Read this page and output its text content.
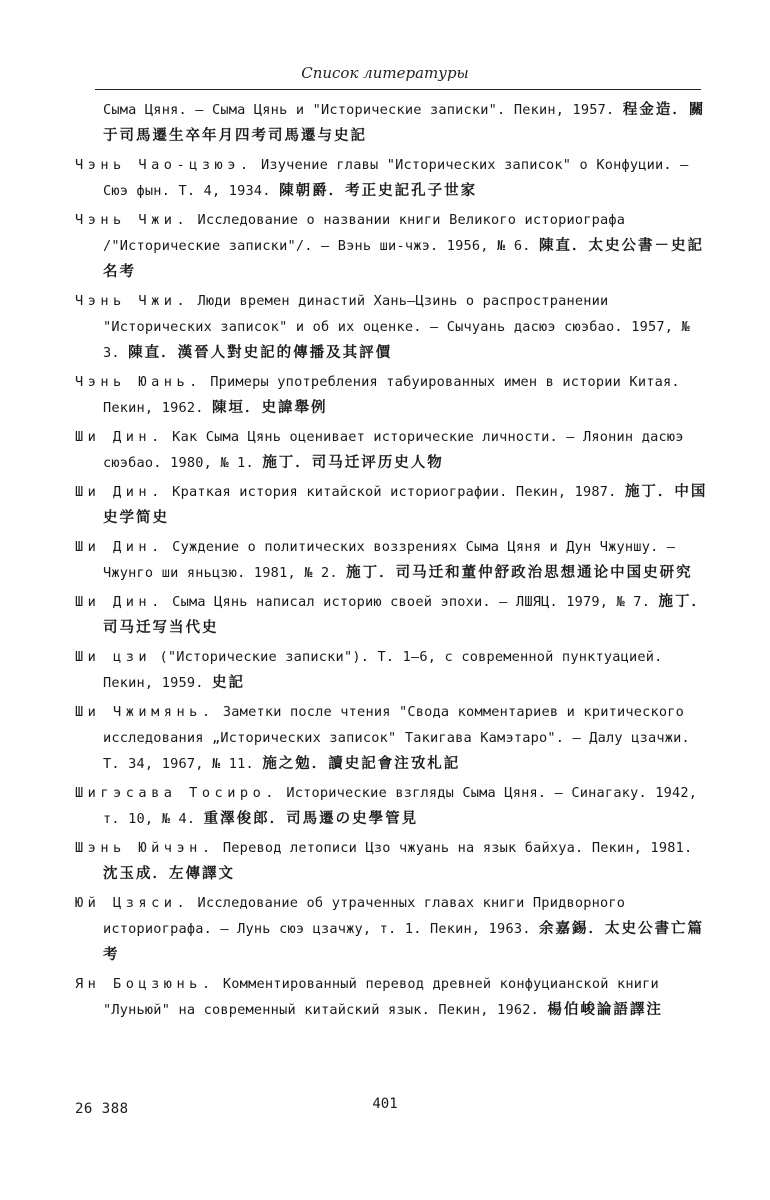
Список литературы

Сыма Цяня. — Сыма Цянь и "Исторические записки". Пекин, 1957. 程金造．關于司馬遷生卒年月四考司馬遷与史記

Чэнь Чао-цзюэ. Изучение главы "Исторических записок" о Конфуции. — Сюэ фын. Т. 4, 1934. 陳朝爵．考正史記孔子世家

Чэнь Чжи. Исследование о названии книги Великого историографа /"Исторические записки"/. — Вэнь ши-чжэ. 1956, № 6. 陳直．太史公書－史記名考

Чэнь Чжи. Люди времен династий Хань—Цзинь о распространении "Исторических записок" и об их оценке. — Сычуань дасюэ сюэбао. 1957, № 3. 陳直．漢晉人對史記的傳播及其評價

Чэнь Юань. Примеры употребления табуированных имен в истории Китая. Пекин, 1962. 陳垣．史諱舉例

Ши Дин. Как Сыма Цянь оценивает исторические личности. — Ляонин дасюэ сюэбао. 1980, № 1. 施丁．司马迁评历史人物

Ши Дин. Краткая история китайской историографии. Пекин, 1987. 施丁．中国史学简史

Ши Дин. Суждение о политических воззрениях Сыма Цяня и Дун Чжуншу. — Чжунго ши яньцзю. 1981, № 2. 施丁．司马迁和董仲舒政治思想通论中国史研究

Ши Дин. Сыма Цянь написал историю своей эпохи. — ЛШЯЦ. 1979, № 7. 施丁．司马迁写当代史

Ши цзи ("Исторические записки"). Т. 1–6, с современной пунктуацией. Пекин, 1959. 史記

Ши Чжимянь. Заметки после чтения "Свода комментариев и критического исследования „Исторических записок" Такигава Камэтаро". — Далу цзачжи. Т. 34, 1967, № 11. 施之勉．讀史記會注攷札記

Шигэсава Тосиро. Исторические взгляды Сыма Цяня. — Синагаку. 1942, т. 10, № 4. 重澤俊郎．司馬遷の史學管見

Шэнь Юйчэн. Перевод летописи Цзо чжуань на язык байхуа. Пекин, 1981. 沈玉成．左傳譯文

Юй Цзяси. Исследование об утраченных главах книги Придворного историографа. — Лунь сюэ цзачжу, т. 1. Пекин, 1963. 余嘉錫．太史公書亡篇考

Ян Боцзюнь. Комментированный перевод древней конфуцианской книги "Луньюй" на современный китайский язык. Пекин, 1962. 楊伯峻論語譯注

26 388	401
